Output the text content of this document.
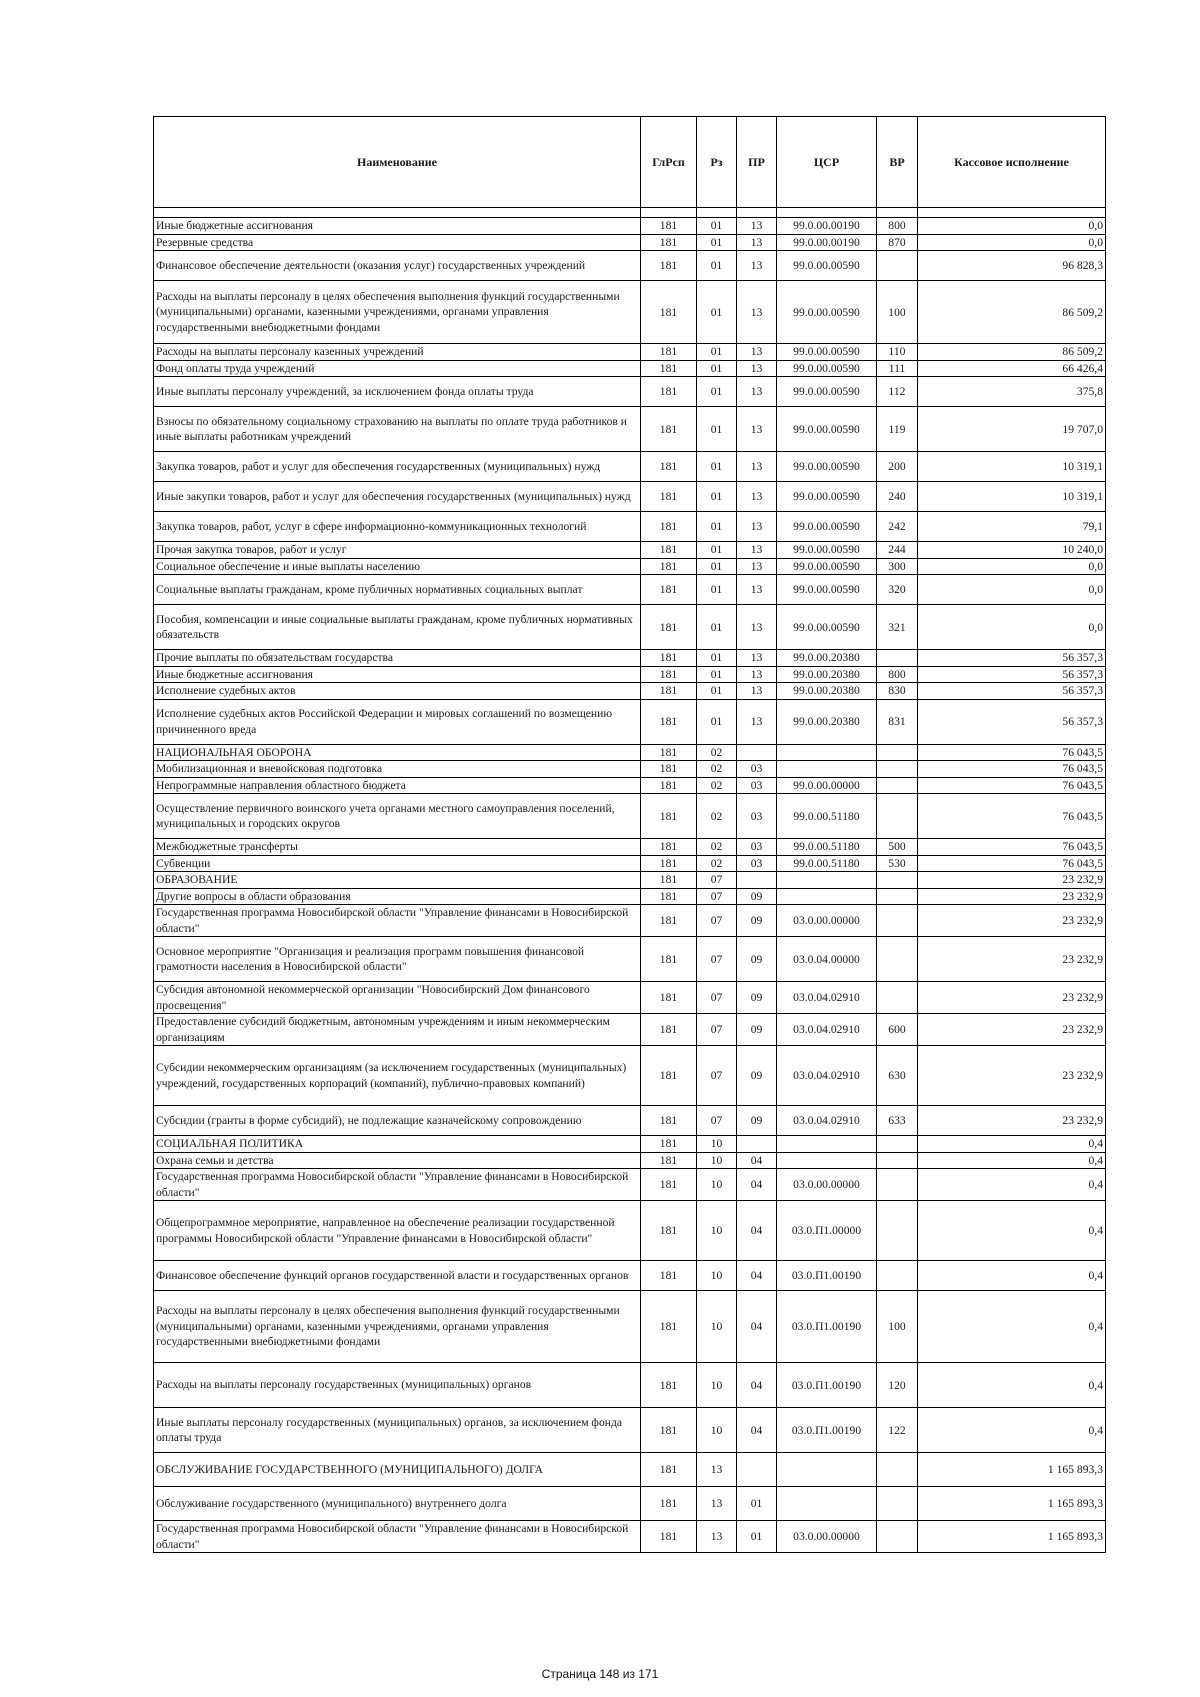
Наименование	ГлРсп	Рз	ПР	ЦСР	ВР	Кассовое исполнение

Иные бюджетные ассигнования	181	01	13	99.0.00.00190	800	0,0
Резервные средства	181	01	13	99.0.00.00190	870	0,0
Финансовое обеспечение деятельности (оказания услуг) государственных учреждений	181	01	13	99.0.00.00590		96 828,3
Расходы на выплаты персоналу в целях обеспечения выполнения функций государственными (муниципальными) органами, казенными учреждениями, органами управления государственными внебюджетными фондами	181	01	13	99.0.00.00590	100	86 509,2
Расходы на выплаты персоналу казенных учреждений	181	01	13	99.0.00.00590	110	86 509,2
Фонд оплаты труда учреждений	181	01	13	99.0.00.00590	111	66 426,4
Иные выплаты персоналу учреждений, за исключением фонда оплаты труда	181	01	13	99.0.00.00590	112	375,8
Взносы по обязательному социальному страхованию на выплаты по оплате труда работников и иные выплаты работникам учреждений	181	01	13	99.0.00.00590	119	19 707,0
Закупка товаров, работ и услуг для обеспечения государственных (муниципальных) нужд	181	01	13	99.0.00.00590	200	10 319,1
Иные закупки товаров, работ и услуг для обеспечения государственных (муниципальных) нужд	181	01	13	99.0.00.00590	240	10 319,1
Закупка товаров, работ, услуг в сфере информационно-коммуникационных технологий	181	01	13	99.0.00.00590	242	79,1
Прочая закупка товаров, работ и услуг	181	01	13	99.0.00.00590	244	10 240,0
Социальное обеспечение и иные выплаты населению	181	01	13	99.0.00.00590	300	0,0
Социальные выплаты гражданам, кроме публичных нормативных социальных выплат	181	01	13	99.0.00.00590	320	0,0
Пособия, компенсации и иные социальные выплаты гражданам, кроме публичных нормативных обязательств	181	01	13	99.0.00.00590	321	0,0
Прочие выплаты по обязательствам государства	181	01	13	99.0.00.20380		56 357,3
Иные бюджетные ассигнования	181	01	13	99.0.00.20380	800	56 357,3
Исполнение судебных актов	181	01	13	99.0.00.20380	830	56 357,3
Исполнение судебных актов Российской Федерации и мировых соглашений по возмещению причиненного вреда	181	01	13	99.0.00.20380	831	56 357,3
НАЦИОНАЛЬНАЯ ОБОРОНА	181	02				76 043,5
Мобилизационная и вневойсковая подготовка	181	02	03			76 043,5
Непрограммные направления областного бюджета	181	02	03	99.0.00.00000		76 043,5
Осуществление первичного воинского учета органами местного самоуправления поселений, муниципальных и городских округов	181	02	03	99.0.00.51180		76 043,5
Межбюджетные трансферты	181	02	03	99.0.00.51180	500	76 043,5
Субвенции	181	02	03	99.0.00.51180	530	76 043,5
ОБРАЗОВАНИЕ	181	07				23 232,9
Другие вопросы в области образования	181	07	09			23 232,9
Государственная программа Новосибирской области "Управление финансами в Новосибирской области"	181	07	09	03.0.00.00000		23 232,9
Основное мероприятие "Организация и реализация программ повышения финансовой грамотности населения в Новосибирской области"	181	07	09	03.0.04.00000		23 232,9
Субсидия автономной некоммерческой организации "Новосибирский Дом финансового просвещения"	181	07	09	03.0.04.02910		23 232,9
Предоставление субсидий бюджетным, автономным учреждениям и иным некоммерческим организациям	181	07	09	03.0.04.02910	600	23 232,9
Субсидии некоммерческим организациям (за исключением государственных (муниципальных) учреждений, государственных корпораций (компаний), публично-правовых компаний)	181	07	09	03.0.04.02910	630	23 232,9
Субсидии (гранты в форме субсидий), не подлежащие казначейскому сопровождению	181	07	09	03.0.04.02910	633	23 232,9
СОЦИАЛЬНАЯ ПОЛИТИКА	181	10				0,4
Охрана семьи и детства	181	10	04			0,4
Государственная программа Новосибирской области "Управление финансами в Новосибирской области"	181	10	04	03.0.00.00000		0,4
Общепрограммное мероприятие, направленное на обеспечение реализации государственной программы Новосибирской области "Управление финансами в Новосибирской области"	181	10	04	03.0.П1.00000		0,4
Финансовое обеспечение функций органов государственной власти и государственных органов	181	10	04	03.0.П1.00190		0,4
Расходы на выплаты персоналу в целях обеспечения выполнения функций государственными (муниципальными) органами, казенными учреждениями, органами управления государственными внебюджетными фондами	181	10	04	03.0.П1.00190	100	0,4
Расходы на выплаты персоналу государственных (муниципальных) органов	181	10	04	03.0.П1.00190	120	0,4
Иные выплаты персоналу государственных (муниципальных) органов, за исключением фонда оплаты труда	181	10	04	03.0.П1.00190	122	0,4
ОБСЛУЖИВАНИЕ ГОСУДАРСТВЕННОГО (МУНИЦИПАЛЬНОГО) ДОЛГА	181	13				1 165 893,3
Обслуживание государственного (муниципального) внутреннего долга	181	13	01			1 165 893,3
Государственная программа Новосибирской области "Управление финансами в Новосибирской области"	181	13	01	03.0.00.00000		1 165 893,3
Страница 148 из 171
